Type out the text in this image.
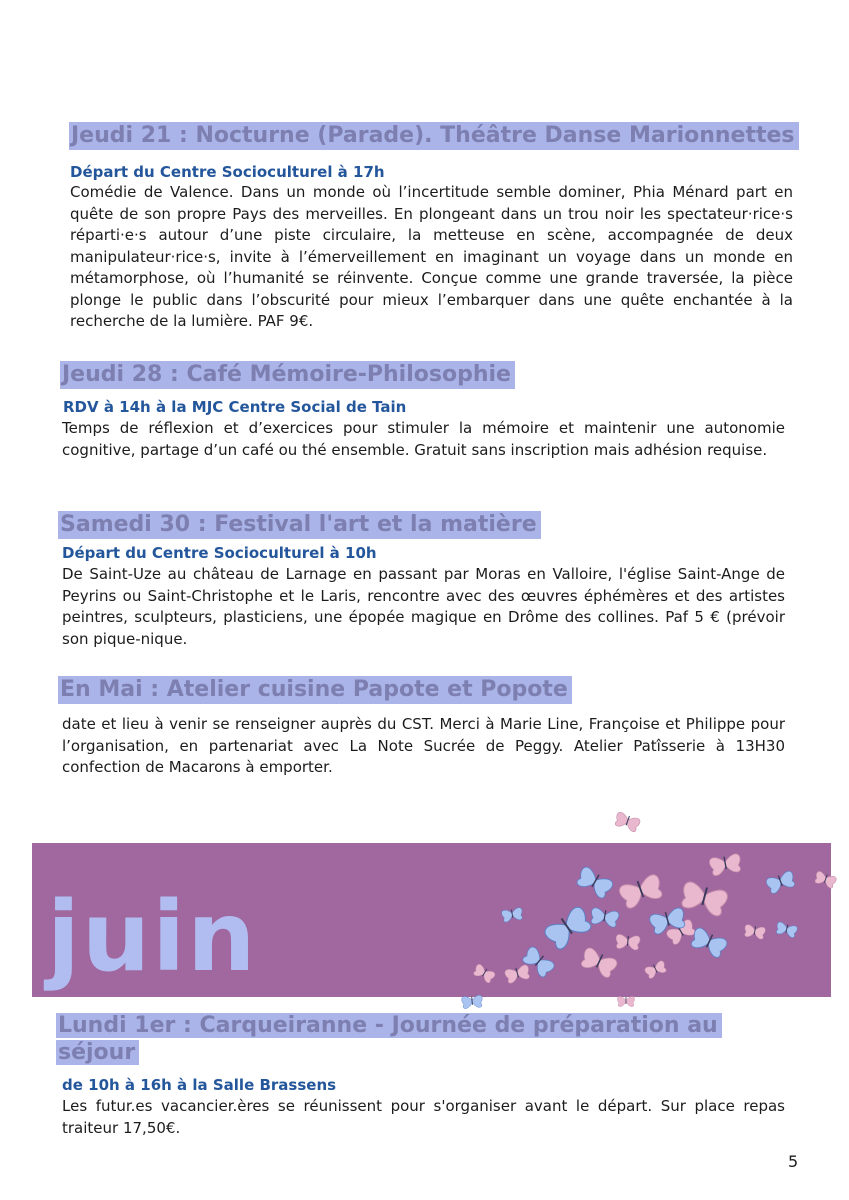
Jeudi 21 : Nocturne (Parade). Théâtre Danse Marionnettes
Départ du Centre Socioculturel à 17h

Comédie de Valence. Dans un monde où l’incertitude semble dominer, Phia Ménard part en quête de son propre Pays des merveilles. En plongeant dans un trou noir les spectateur·rice·s réparti·e·s autour d’une piste circulaire, la metteuse en scène, accompagnée de deux manipulateur·rice·s, invite à l’émerveillement en imaginant un voyage dans un monde en métamorphose, où l’humanité se réinvente. Conçue comme une grande traversée, la pièce plonge le public dans l’obscurité pour mieux l’embarquer dans une quête enchantée à la recherche de la lumière. PAF 9€.

Jeudi 28 : Café Mémoire-Philosophie
RDV à 14h à la MJC Centre Social de Tain

Temps de réflexion et d’exercices pour stimuler la mémoire et maintenir une autonomie cognitive, partage d’un café ou thé ensemble. Gratuit sans inscription mais adhésion requise.

Samedi 30 : Festival l'art et la matière
Départ du Centre Socioculturel à 10h

De Saint-Uze au château de Larnage en passant par Moras en Valloire, l'église Saint-Ange de Peyrins ou Saint-Christophe et le Laris, rencontre avec des œuvres éphémères et des artistes peintres, sculpteurs, plasticiens, une épopée magique en Drôme des collines. Paf 5 € (prévoir son pique-nique.

En Mai : Atelier cuisine Papote et Popote

date et lieu à venir se renseigner auprès du CST. Merci à Marie Line, Françoise et Philippe pour l’organisation, en partenariat avec La Note Sucrée de Peggy. Atelier Patîsserie à 13H30 confection de Macarons à emporter.

juin
Lundi 1er : Carqueiranne - Journée de préparation au
séjour
de 10h à 16h à la Salle Brassens

Les futur.es vacancier.ères se réunissent pour s'organiser avant le départ. Sur place repas traiteur 17,50€.

5
